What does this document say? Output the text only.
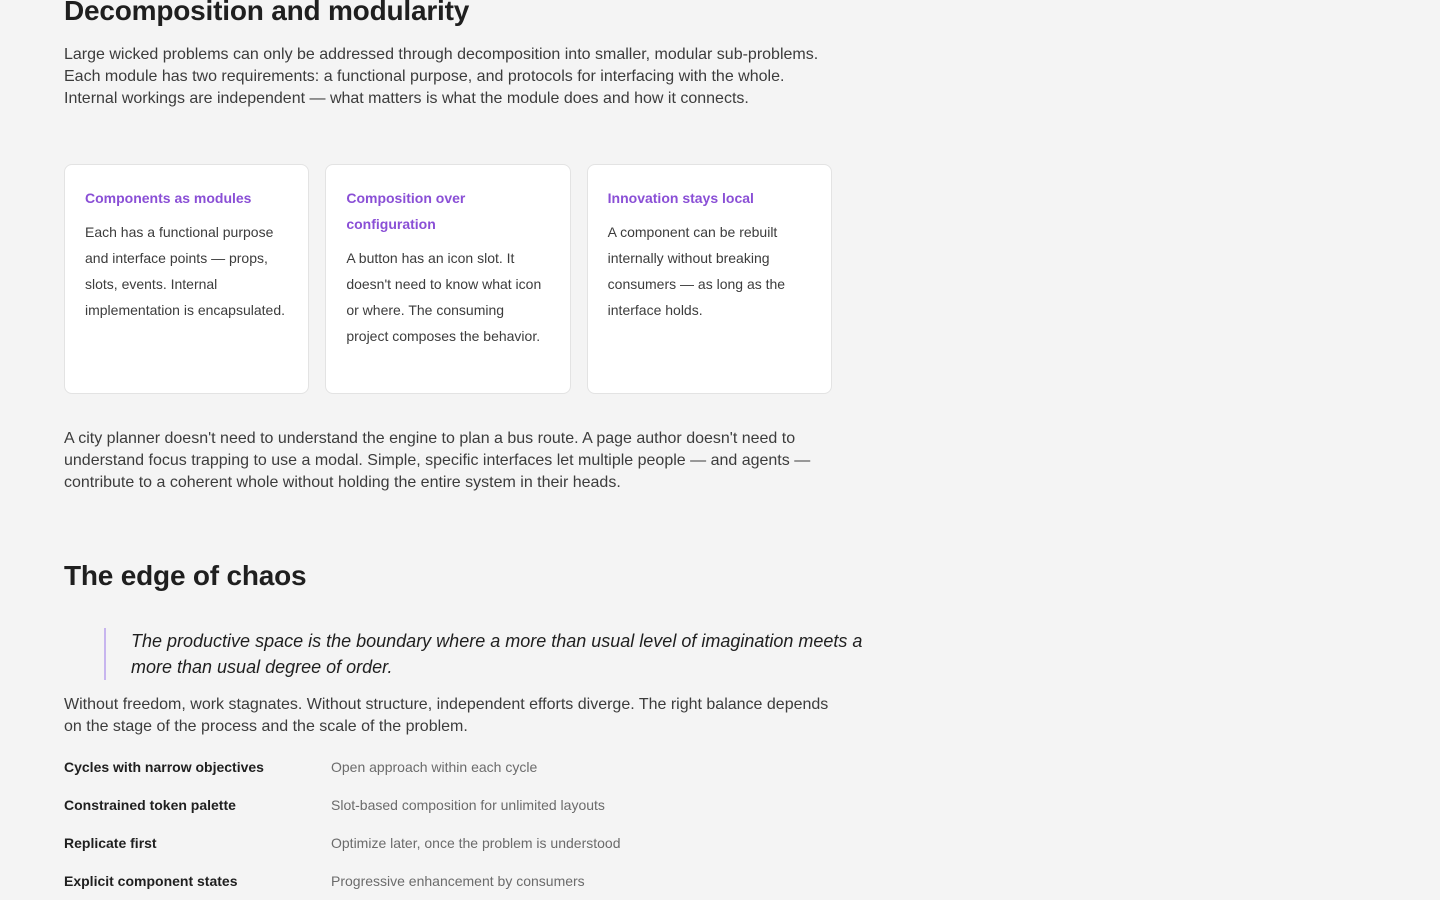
Decomposition and modularity

Large wicked problems can only be addressed through decomposition into smaller, modular sub-problems. Each module has two requirements: a functional purpose, and protocols for interfacing with the whole. Internal workings are independent — what matters is what the module does and how it connects.

Components as modules

Each has a functional purpose and interface points — props, slots, events. Internal implementation is encapsulated.

Composition over configuration

A button has an icon slot. It doesn't need to know what icon or where. The consuming project composes the behavior.

Innovation stays local

A component can be rebuilt internally without breaking consumers — as long as the interface holds.

A city planner doesn't need to understand the engine to plan a bus route. A page author doesn't need to understand focus trapping to use a modal. Simple, specific interfaces let multiple people — and agents — contribute to a coherent whole without holding the entire system in their heads.

The edge of chaos
The productive space is the boundary where a more than usual level of imagination meets a more than usual degree of order.

Without freedom, work stagnates. Without structure, independent efforts diverge. The right balance depends on the stage of the process and the scale of the problem.

Cycles with narrow objectives	Open approach within each cycle
Constrained token palette	Slot-based composition for unlimited layouts
Replicate first	Optimize later, once the problem is understood
Explicit component states	Progressive enhancement by consumers
